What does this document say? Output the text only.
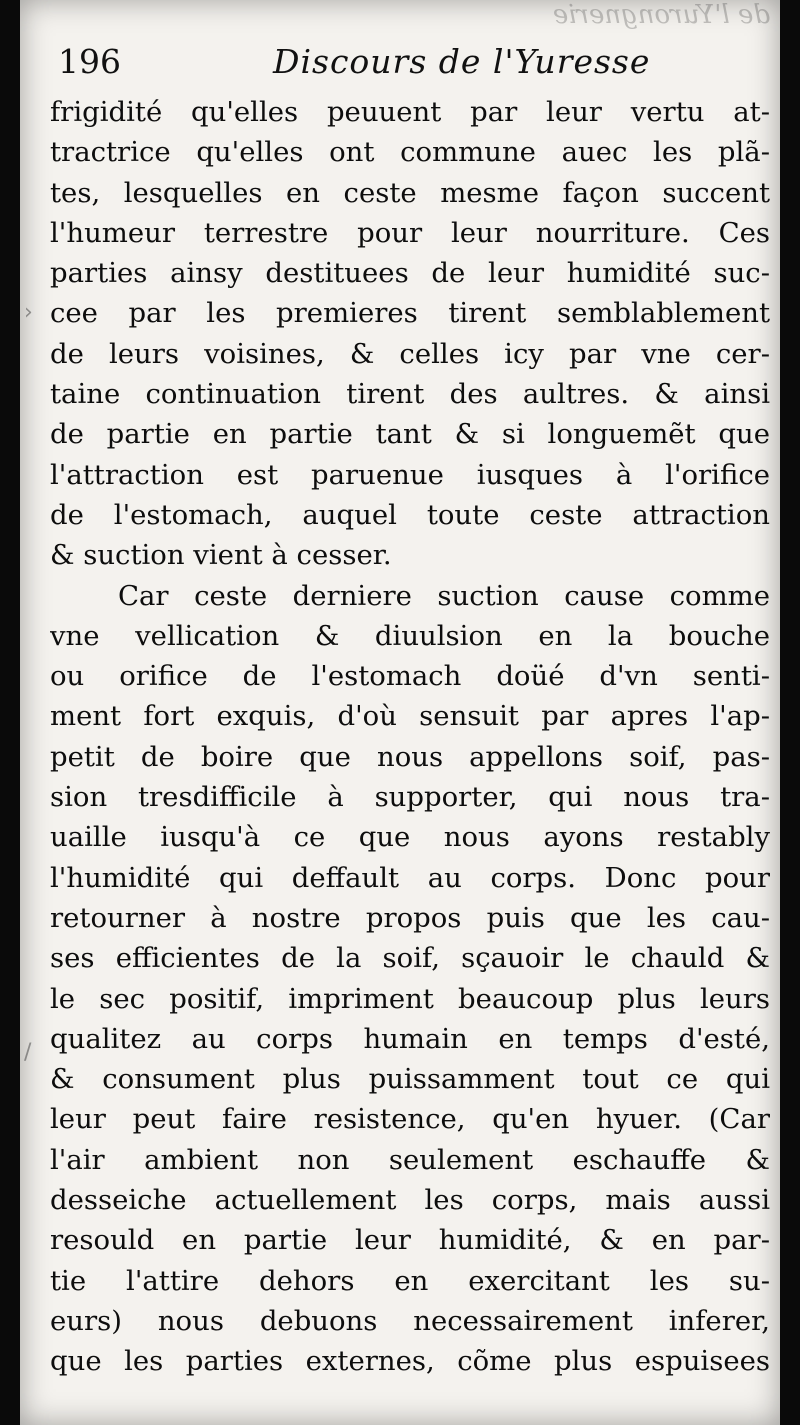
de l'Yurongnerie
196	Discours de l'Yuresse
›
/
frigidité qu'elles peuuent par leur vertu at-
tractrice qu'elles ont commune auec les plã-
tes, lesquelles en ceste mesme façon succent
l'humeur terrestre pour leur nourriture. Ces
parties ainsy destituees de leur humidité suc-
cee par les premieres tirent semblablement
de leurs voisines, & celles icy par vne cer-
taine continuation tirent des aultres. & ainsi
de partie en partie tant & si longuemẽt que
l'attraction est paruenue iusques à l'orifice
de l'estomach, auquel toute ceste attraction
& suction vient à cesser.
Car ceste derniere suction cause comme
vne vellication & diuulsion en la bouche
ou orifice de l'estomach doüé d'vn senti-
ment fort exquis, d'où sensuit par apres l'ap-
petit de boire que nous appellons soif, pas-
sion tresdifficile à supporter, qui nous tra-
uaille iusqu'à ce que nous ayons restably
l'humidité qui deffault au corps. Donc pour
retourner à nostre propos puis que les cau-
ses efficientes de la soif, sçauoir le chauld &
le sec positif, impriment beaucoup plus leurs
qualitez au corps humain en temps d'esté,
& consument plus puissamment tout ce qui
leur peut faire resistence, qu'en hyuer. (Car
l'air ambient non seulement eschauffe &
desseiche actuellement les corps, mais aussi
resould en partie leur humidité, & en par-
tie l'attire dehors en exercitant les su-
eurs) nous debuons necessairement inferer,
que les parties externes, cõme plus espuisees
